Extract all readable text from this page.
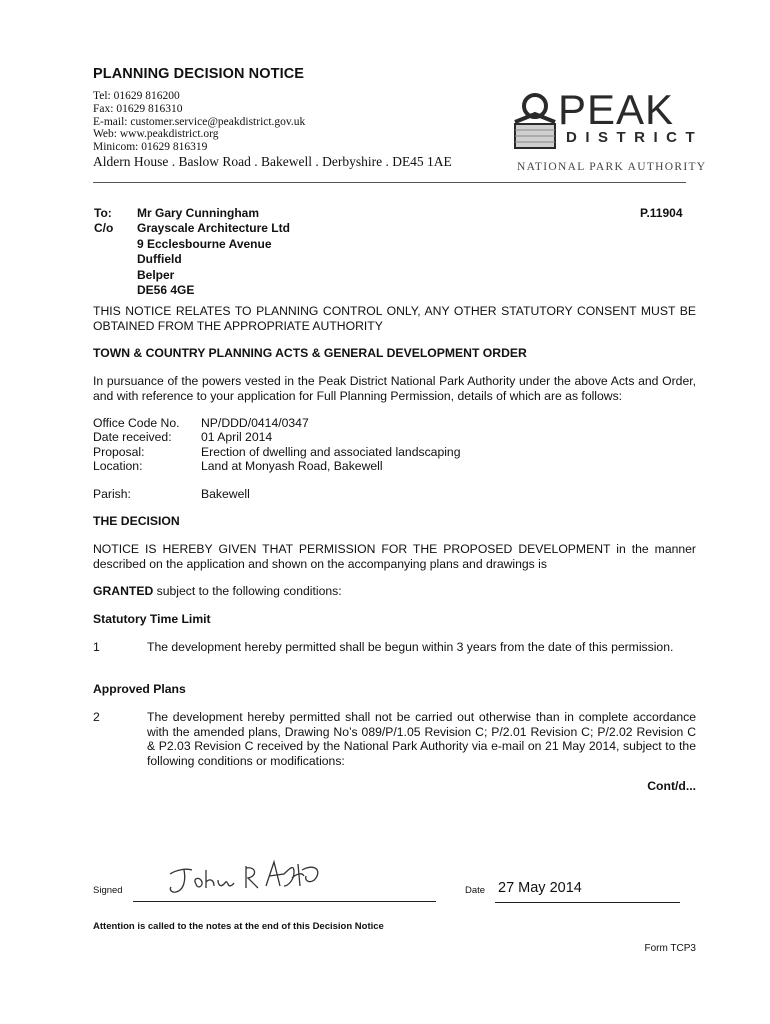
PLANNING DECISION NOTICE
Tel: 01629 816200
Fax: 01629 816310
E-mail: customer.service@peakdistrict.gov.uk
Web: www.peakdistrict.org
Minicom: 01629 816319
Aldern House . Baslow Road . Bakewell . Derbyshire . DE45 1AE
PEAK
DISTRICT
NATIONAL PARK AUTHORITY
To:	Mr Gary Cunningham
C/o	Grayscale Architecture Ltd
9 Ecclesbourne Avenue
Duffield
Belper
DE56 4GE
P.11904
THIS NOTICE RELATES TO PLANNING CONTROL ONLY, ANY OTHER STATUTORY CONSENT MUST BE OBTAINED FROM THE APPROPRIATE AUTHORITY
TOWN & COUNTRY PLANNING ACTS & GENERAL DEVELOPMENT ORDER
In pursuance of the powers vested in the Peak District National Park Authority under the above Acts and Order, and with reference to your application for Full Planning Permission, details of which are as follows:
Office Code No.	NP/DDD/0414/0347
Date received:	01 April 2014
Proposal:	Erection of dwelling and associated landscaping
Location:	Land at Monyash Road, Bakewell
Parish:	Bakewell
THE DECISION
NOTICE IS HEREBY GIVEN THAT PERMISSION FOR THE PROPOSED DEVELOPMENT in the manner described on the application and shown on the accompanying plans and drawings is
GRANTED subject to the following conditions:
Statutory Time Limit
1	The development hereby permitted shall be begun within 3 years from the date of this permission.
Approved Plans
2	The development hereby permitted shall not be carried out otherwise than in complete accordance with the amended plans, Drawing No’s 089/P/1.05 Revision C; P/2.01 Revision C; P/2.02 Revision C & P2.03 Revision C received by the National Park Authority via e-mail on 21 May 2014, subject to the following conditions or modifications:
Cont/d...
Signed	Date 27 May 2014
Attention is called to the notes at the end of this Decision Notice
Form TCP3
